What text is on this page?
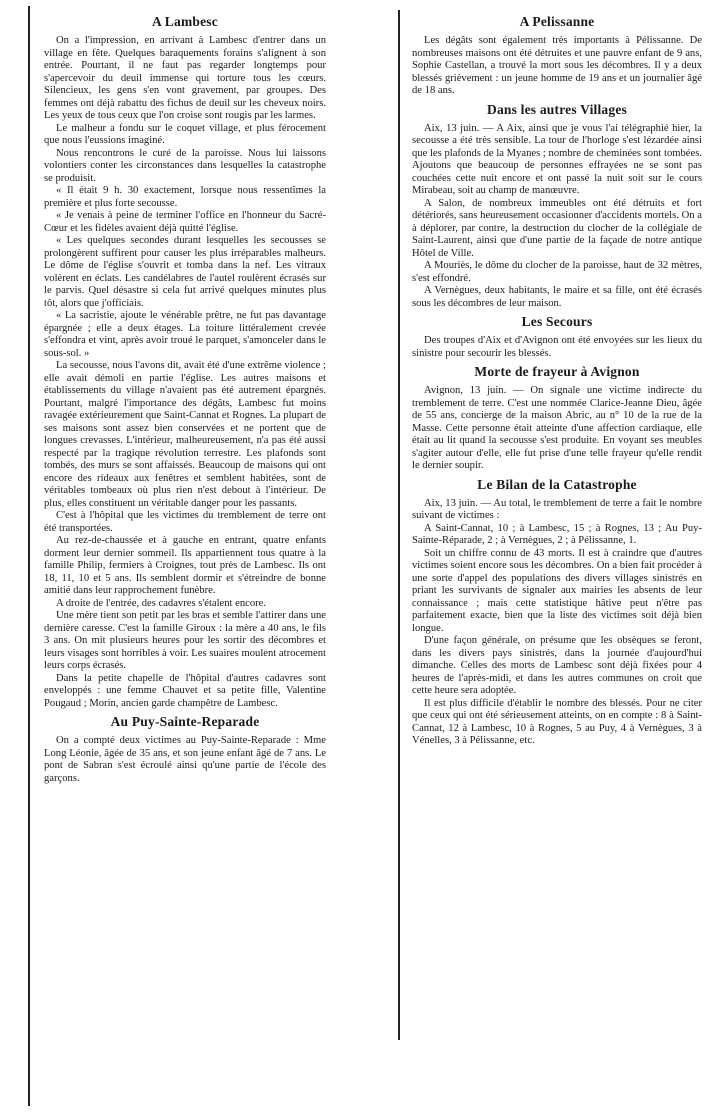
A Lambesc

On a l'impression, en arrivant à Lambesc d'entrer dans un village en fête. Quelques baraquements forains s'alignent à son entrée. Pourtant, il ne faut pas regarder longtemps pour s'apercevoir du deuil immense qui torture tous les cœurs. Silencieux, les gens s'en vont gravement, par groupes. Des femmes ont déjà rabattu des fichus de deuil sur les cheveux noirs. Les yeux de tous ceux que l'on croise sont rougis par les larmes.

Le malheur a fondu sur le coquet village, et plus férocement que nous l'eussions imaginé.

Nous rencontrons le curé de la paroisse. Nous lui laissons volontiers conter les circonstances dans lesquelles la catastrophe se produisit.

« Il était 9 h. 30 exactement, lorsque nous ressentîmes la première et plus forte secousse.

« Je venais à peine de terminer l'office en l'honneur du Sacré-Cœur et les fidèles avaient déjà quitté l'église.

« Les quelques secondes durant lesquelles les secousses se prolongèrent suffirent pour causer les plus irréparables malheurs. Le dôme de l'église s'ouvrit et tomba dans la nef. Les vitraux volèrent en éclats. Les candélabres de l'autel roulèrent écrasés sur le parvis. Quel désastre si cela fut arrivé quelques minutes plus tôt, alors que j'officiais.

« La sacristie, ajoute le vénérable prêtre, ne fut pas davantage épargnée ; elle a deux étages. La toiture littéralement crevée s'effondra et vint, après avoir troué le parquet, s'amonceler dans le sous-sol. »

La secousse, nous l'avons dit, avait été d'une extrême violence ; elle avait démoli en partie l'église. Les autres maisons et établissements du village n'avaient pas été autrement épargnés. Pourtant, malgré l'importance des dégâts, Lambesc fut moins ravagée extérieurement que Saint-Cannat et Rognes. La plupart de ses maisons sont assez bien conservées et ne portent que de longues crevasses. L'intérieur, malheureusement, n'a pas été aussi respecté par la tragique révolution terrestre. Les plafonds sont tombés, des murs se sont affaissés. Beaucoup de maisons qui ont encore des rideaux aux fenêtres et semblent habitées, sont de véritables tombeaux où plus rien n'est debout à l'intérieur. De plus, elles constituent un véritable danger pour les passants.

C'est à l'hôpital que les victimes du tremblement de terre ont été transportées.

Au rez-de-chaussée et à gauche en entrant, quatre enfants dorment leur dernier sommeil. Ils appartiennent tous quatre à la famille Philip, fermiers à Croignes, tout près de Lambesc. Ils ont 18, 11, 10 et 5 ans. Ils semblent dormir et s'étreindre de bonne amitié dans leur rapprochement funèbre.

A droite de l'entrée, des cadavres s'étalent encore.

Une mère tient son petit par les bras et semble l'attirer dans une dernière caresse. C'est la famille Giroux : la mère a 40 ans, le fils 3 ans. On mit plusieurs heures pour les sortir des décombres et leurs visages sont horribles à voir. Les suaires moulent atrocement leurs corps écrasés.

Dans la petite chapelle de l'hôpital d'autres cadavres sont enveloppés : une femme Chauvet et sa petite fille, Valentine Pougaud ; Morin, ancien garde champêtre de Lambesc.

Au Puy-Sainte-Reparade

On a compté deux victimes au Puy-Sainte-Reparade : Mme Long Léonie, âgée de 35 ans, et son jeune enfant âgé de 7 ans. Le pont de Sabran s'est écroulé ainsi qu'une partie de l'école des garçons.

A Pelissanne

Les dégâts sont également très importants à Pélissanne. De nombreuses maisons ont été détruites et une pauvre enfant de 9 ans, Sophie Castellan, a trouvé la mort sous les décombres. Il y a deux blessés grièvement : un jeune homme de 19 ans et un journalier âgé de 18 ans.

Dans les autres Villages

Aix, 13 juin. — A Aix, ainsi que je vous l'ai télégraphié hier, la secousse a été très sensible. La tour de l'horloge s'est lézardée ainsi que les plafonds de la Myanes ; nombre de cheminées sont tombées. Ajoutons que beaucoup de personnes effrayées ne se sont pas couchées cette nuit encore et ont passé la nuit soit sur le cours Mirabeau, soit au champ de manœuvre.

A Salon, de nombreux immeubles ont été détruits et fort détériorés, sans heureusement occasionner d'accidents mortels. On a à déplorer, par contre, la destruction du clocher de la collégiale de Saint-Laurent, ainsi que d'une partie de la façade de notre antique Hôtel de Ville.

A Mouriès, le dôme du clocher de la paroisse, haut de 32 mètres, s'est effondré.

A Vernègues, deux habitants, le maire et sa fille, ont été écrasés sous les décombres de leur maison.

Les Secours

Des troupes d'Aix et d'Avignon ont été envoyées sur les lieux du sinistre pour secourir les blessés.

Morte de frayeur à Avignon

Avignon, 13 juin. — On signale une victime indirecte du tremblement de terre. C'est une nommée Clarice-Jeanne Dieu, âgée de 55 ans, concierge de la maison Abric, au n° 10 de la rue de la Masse. Cette personne était atteinte d'une affection cardiaque, elle était au lit quand la secousse s'est produite. En voyant ses meubles s'agiter autour d'elle, elle fut prise d'une telle frayeur qu'elle rendit le dernier soupir.

Le Bilan de la Catastrophe

Aix, 13 juin. — Au total, le tremblement de terre a fait le nombre suivant de victimes :

A Saint-Cannat, 10 ; à Lambesc, 15 ; à Rognes, 13 ; Au Puy-Sainte-Réparade, 2 ; à Vernègues, 2 ; à Pélissanne, 1.

Soit un chiffre connu de 43 morts. Il est à craindre que d'autres victimes soient encore sous les décombres. On a bien fait procéder à une sorte d'appel des populations des divers villages sinistrés en priant les survivants de signaler aux mairies les absents de leur connaissance ; mais cette statistique hâtive peut n'être pas parfaitement exacte, bien que la liste des victimes soit déjà bien longue.

D'une façon générale, on présume que les obsèques se feront, dans les divers pays sinistrés, dans la journée d'aujourd'hui dimanche. Celles des morts de Lambesc sont déjà fixées pour 4 heures de l'après-midi, et dans les autres communes on croit que cette heure sera adoptée.

Il est plus difficile d'établir le nombre des blessés. Pour ne citer que ceux qui ont été sérieusement atteints, on en compte : 8 à Saint-Cannat, 12 à Lambesc, 10 à Rognes, 5 au Puy, 4 à Vernègues, 3 à Vénelles, 3 à Pélissanne, etc.
